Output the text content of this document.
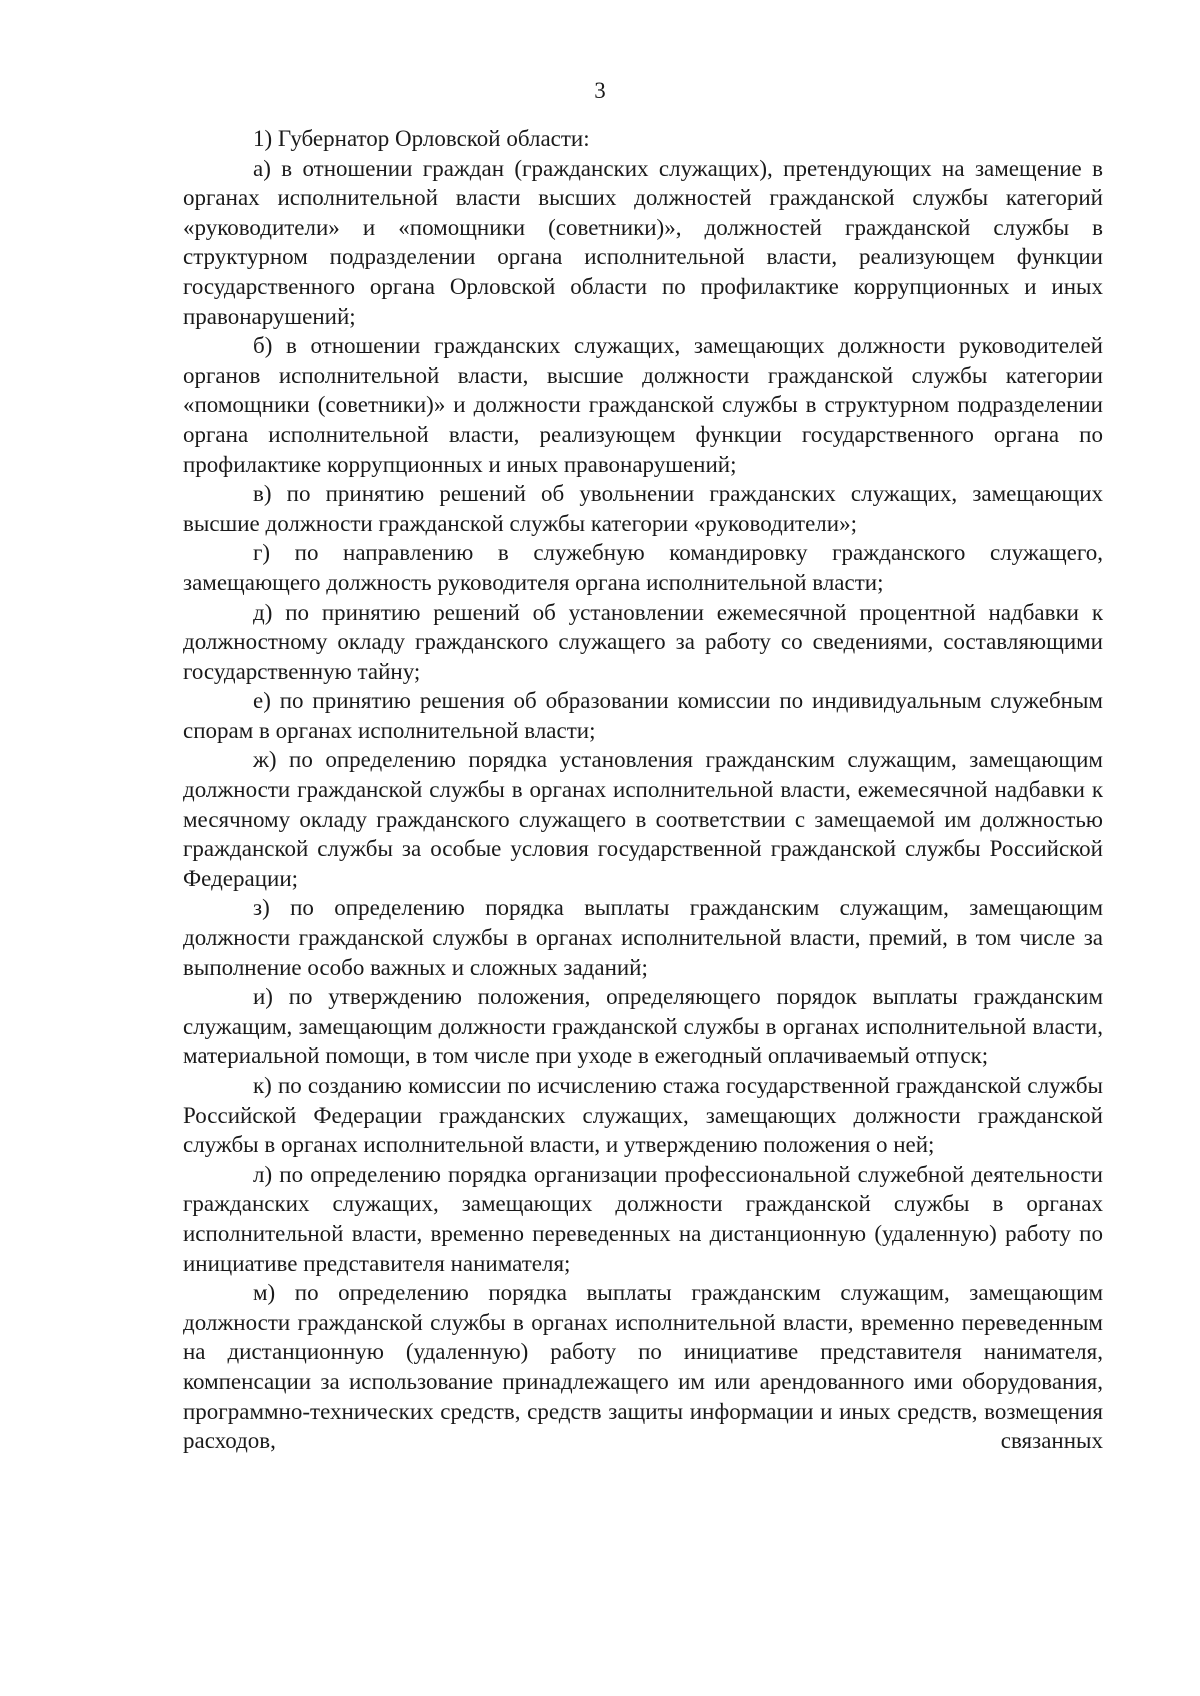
3

1) Губернатор Орловской области:

а) в отношении граждан (гражданских служащих), претендующих на замещение в органах исполнительной власти высших должностей гражданской службы категорий «руководители» и «помощники (советники)», должностей гражданской службы в структурном подразделении органа исполнительной власти, реализующем функции государственного органа Орловской области по профилактике коррупционных и иных правонарушений;

б) в отношении гражданских служащих, замещающих должности руководителей органов исполнительной власти, высшие должности гражданской службы категории «помощники (советники)» и должности гражданской службы в структурном подразделении органа исполнительной власти, реализующем функции государственного органа по профилактике коррупционных и иных правонарушений;

в) по принятию решений об увольнении гражданских служащих, замещающих высшие должности гражданской службы категории «руководители»;

г) по направлению в служебную командировку гражданского служащего, замещающего должность руководителя органа исполнительной власти;

д) по принятию решений об установлении ежемесячной процентной надбавки к должностному окладу гражданского служащего за работу со сведениями, составляющими государственную тайну;

е) по принятию решения об образовании комиссии по индивидуальным служебным спорам в органах исполнительной власти;

ж) по определению порядка установления гражданским служащим, замещающим должности гражданской службы в органах исполнительной власти, ежемесячной надбавки к месячному окладу гражданского служащего в соответствии с замещаемой им должностью гражданской службы за особые условия государственной гражданской службы Российской Федерации;

з) по определению порядка выплаты гражданским служащим, замещающим должности гражданской службы в органах исполнительной власти, премий, в том числе за выполнение особо важных и сложных заданий;

и) по утверждению положения, определяющего порядок выплаты гражданским служащим, замещающим должности гражданской службы в органах исполнительной власти, материальной помощи, в том числе при уходе в ежегодный оплачиваемый отпуск;

к) по созданию комиссии по исчислению стажа государственной гражданской службы Российской Федерации гражданских служащих, замещающих должности гражданской службы в органах исполнительной власти, и утверждению положения о ней;

л) по определению порядка организации профессиональной служебной деятельности гражданских служащих, замещающих должности гражданской службы в органах исполнительной власти, временно переведенных на дистанционную (удаленную) работу по инициативе представителя нанимателя;

м) по определению порядка выплаты гражданским служащим, замещающим должности гражданской службы в органах исполнительной власти, временно переведенным на дистанционную (удаленную) работу по инициативе представителя нанимателя, компенсации за использование принадлежащего им или арендованного ими оборудования, программно-технических средств, средств защиты информации и иных средств, возмещения расходов, связанных
